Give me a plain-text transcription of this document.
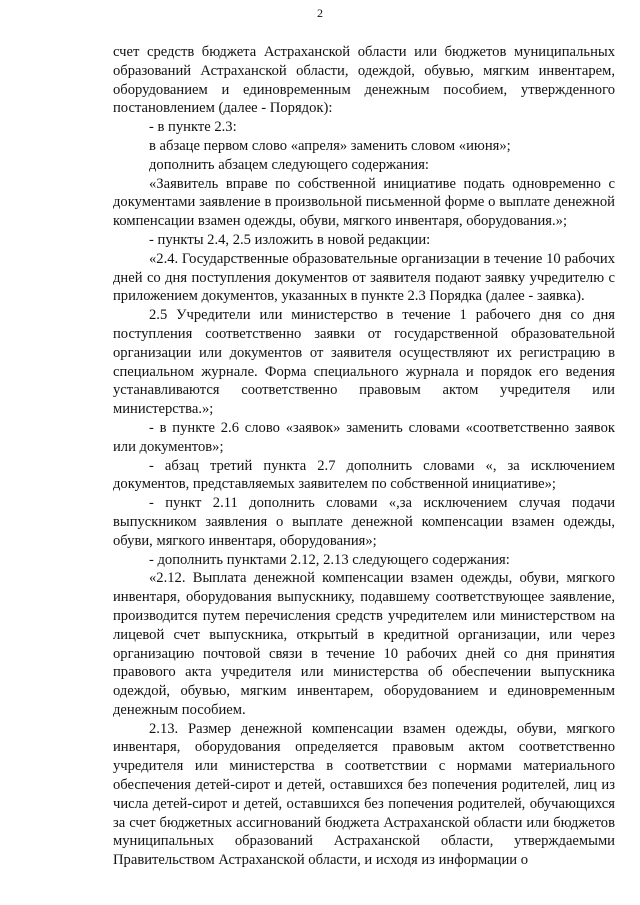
2

счет средств бюджета Астраханской области или бюджетов муниципальных образований Астраханской области, одеждой, обувью, мягким инвентарем, оборудованием и единовременным денежным пособием, утвержденного постановлением (далее - Порядок):

- в пункте 2.3:

в абзаце первом слово «апреля» заменить словом «июня»;

дополнить абзацем следующего содержания:

«Заявитель вправе по собственной инициативе подать одновременно с документами заявление в произвольной письменной форме о выплате денежной компенсации взамен одежды, обуви, мягкого инвентаря, оборудования.»;

- пункты 2.4, 2.5 изложить в новой редакции:

«2.4. Государственные образовательные организации в течение 10 рабочих дней со дня поступления документов от заявителя подают заявку учредителю с приложением документов, указанных в пункте 2.3 Порядка (далее - заявка).

2.5 Учредители или министерство в течение 1 рабочего дня со дня поступления соответственно заявки от государственной образовательной организации или документов от заявителя осуществляют их регистрацию в специальном журнале. Форма специального журнала и порядок его ведения устанавливаются соответственно правовым актом учредителя или министерства.»;

- в пункте 2.6 слово «заявок» заменить словами «соответственно заявок или документов»;

- абзац третий пункта 2.7 дополнить словами «, за исключением документов, представляемых заявителем по собственной инициативе»;

- пункт 2.11 дополнить словами «,за исключением случая подачи выпускником заявления о выплате денежной компенсации взамен одежды, обуви, мягкого инвентаря, оборудования»;

- дополнить пунктами 2.12, 2.13 следующего содержания:

«2.12. Выплата денежной компенсации взамен одежды, обуви, мягкого инвентаря, оборудования выпускнику, подавшему соответствующее заявление, производится путем перечисления средств учредителем или министерством на лицевой счет выпускника, открытый в кредитной организации, или через организацию почтовой связи в течение 10 рабочих дней со дня принятия правового акта учредителя или министерства об обеспечении выпускника одеждой, обувью, мягким инвентарем, оборудованием и единовременным денежным пособием.

2.13. Размер денежной компенсации взамен одежды, обуви, мягкого инвентаря, оборудования определяется правовым актом соответственно учредителя или министерства в соответствии с нормами материального обеспечения детей-сирот и детей, оставшихся без попечения родителей, лиц из числа детей-сирот и детей, оставшихся без попечения родителей, обучающихся за счет бюджетных ассигнований бюджета Астраханской области или бюджетов муниципальных образований Астраханской области, утверждаемыми Правительством Астраханской области, и исходя из информации о
